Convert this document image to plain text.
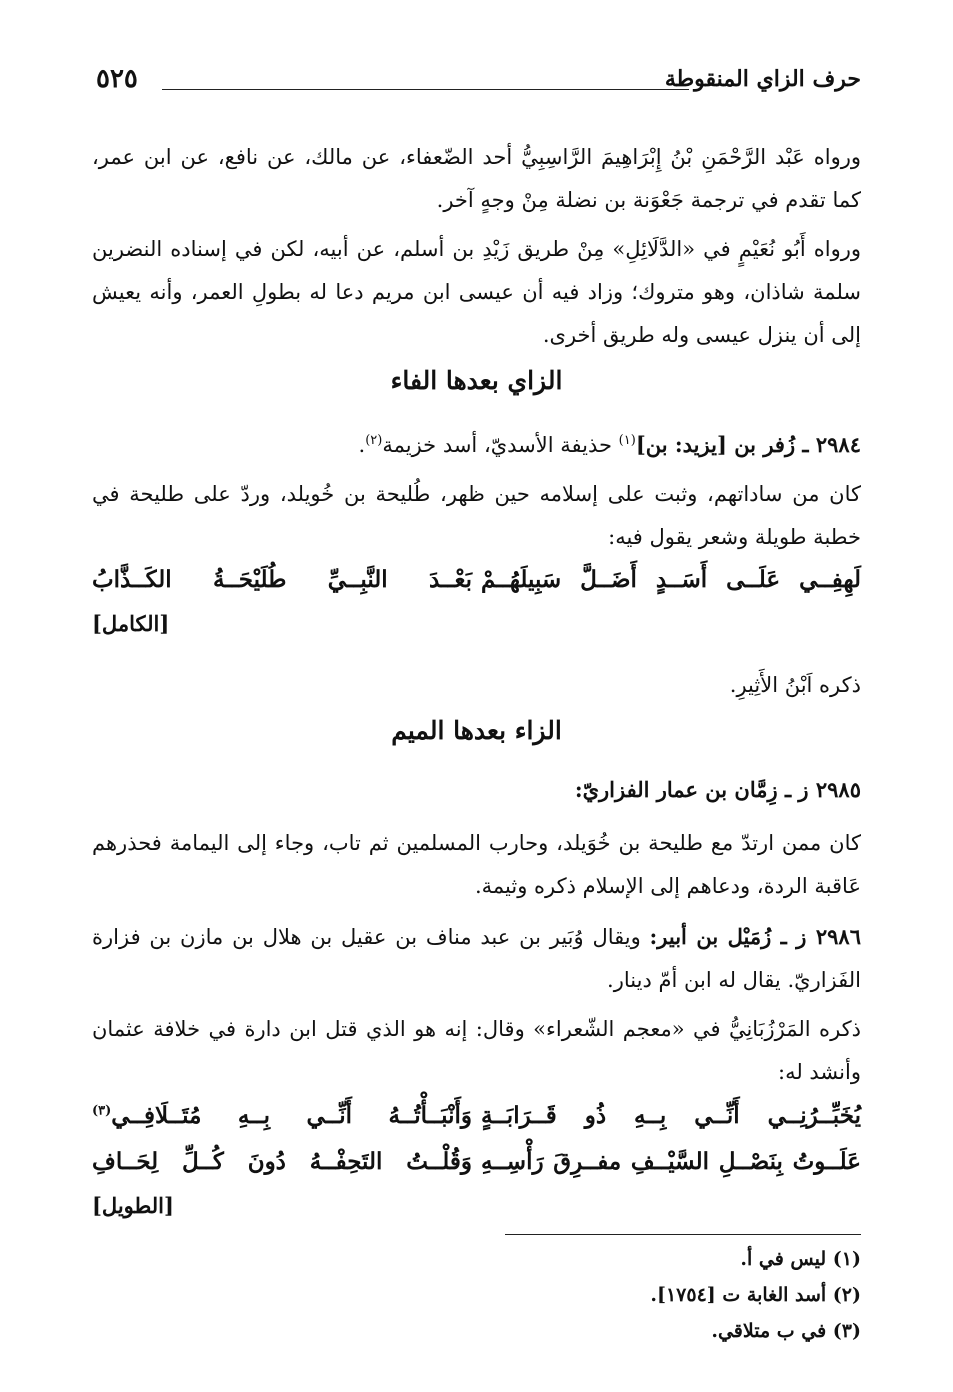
حرف الزاي المنقوطة
٥٢٥
ورواه عَبْد الرَّحْمَنِ بْنُ إِبْرَاهِيمَ الرَّاسِبِيُّ أحد الضّعفاء، عن مالك، عن نافع، عن ابن عمر، كما تقدم في ترجمة جَعْوَنة بن نضلة مِنْ وجهٍ آخر.
ورواه أَبُو نُعَيْمٍ في «الدَّلَائِلِ» مِنْ طريق زَيْدِ بن أسلم، عن أبيه، لكن في إسناده النضرين سلمة شاذان، وهو متروك؛ وزاد فيه أن عيسى ابن مريم دعا له بطولِ العمر، وأنه يعيش إلى أن ينزل عيسى وله طريق أخرى.
الزاي بعدها الفاء
٢٩٨٤ ـ زُفر بن [يزيد: بن]$^{(١)}$ حذيفة الأسديّ، أسد خزيمة$^{(٢)}$.
كان من ساداتهم، وثبت على إسلامه حين ظهر، طُليحة بن خُويلد، وردّ على طليحة في خطبة طويلة وشعر يقول فيه:
لَهِفِــي عَلَــى أَسَــدٍ أَضَــلَّ سَبِيلَهُــمْ
بَعْــدَ النَّبِــيِّ طُلَيْحَــةُ الكَــذَّابُ
[الكامل]
ذكره اَبْنُ الأَثِيرِ.
الزاء بعدها الميم
٢٩٨٥ ز ـ زِمَّان بن عمار الفزاريّ:
كان ممن ارتدّ مع طليحة بن خُوَيلد، وحارب المسلمين ثم تاب، وجاء إلى اليمامة فحذرهم عَاقبة الردة، ودعاهم إلى الإسلام ذكره وثيمة.
٢٩٨٦ ز ـ زُمَيْل بن أبير: ويقال وُبَير بن عبد مناف بن عقيل بن هلال بن مازن بن فزارة الفَزاريّ. يقال له ابن أمّ دينار.
ذكره المَرْزُبَانِيُّ في «معجم الشّعراء» وقال: إنه هو الذي قتل ابن دارة في خلافة عثمان وأنشد له:
يُخَبِّــرُنِــي أَنِّــي بِــهِ ذُو قَــرَابَــةٍ
وَأَنْبَــأْتُــهُ أَنِّــي بِــهِ مُتَــلَافِــي$^{(٣)}$
عَلَــوتُ بِنَصْــلِ السَّيْــفِ مفــرِقَ رَأْسِــهِ
وَقُلْــتُ التَحِفْــهُ دُونَ كُــلِّ لِحَــافِ
[الطويل]
(١) ليس في أ.
(٢) أسد الغابة ت [١٧٥٤].
(٣) في ب متلاقي.
